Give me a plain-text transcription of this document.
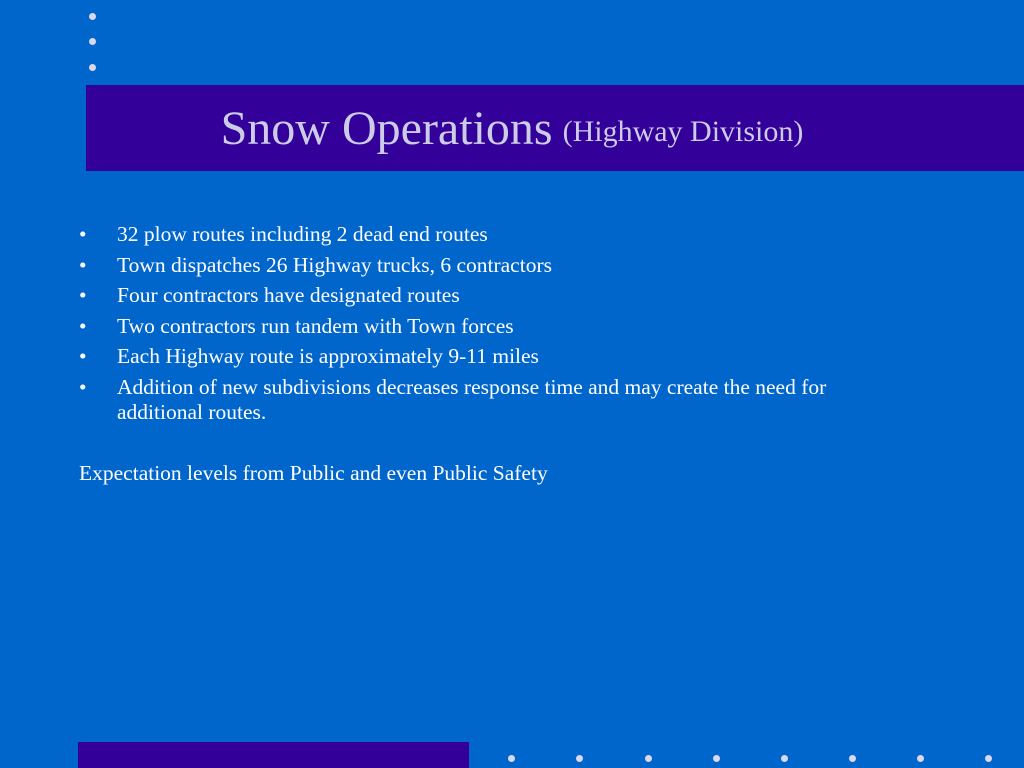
Snow Operations (Highway Division)
• 32 plow routes including 2 dead end routes
• Town dispatches 26 Highway trucks, 6 contractors
• Four contractors have designated routes
• Two contractors run tandem with Town forces
• Each Highway route is approximately 9-11 miles
• Addition of new subdivisions decreases response time and may create the need for additional routes.
Expectation levels from Public and even Public Safety
